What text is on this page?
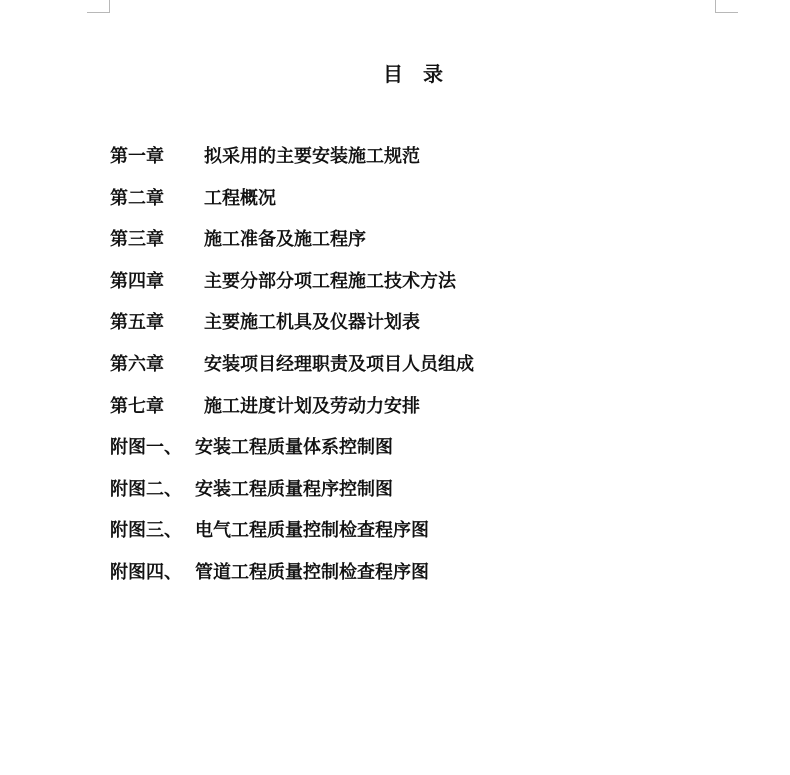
目　录
第一章	拟采用的主要安装施工规范
第二章	工程概况
第三章	施工准备及施工程序
第四章	主要分部分项工程施工技术方法
第五章	主要施工机具及仪器计划表
第六章	安装项目经理职责及项目人员组成
第七章	施工进度计划及劳动力安排
附图一、 安装工程质量体系控制图
附图二、 安装工程质量程序控制图
附图三、 电气工程质量控制检查程序图
附图四、 管道工程质量控制检查程序图
